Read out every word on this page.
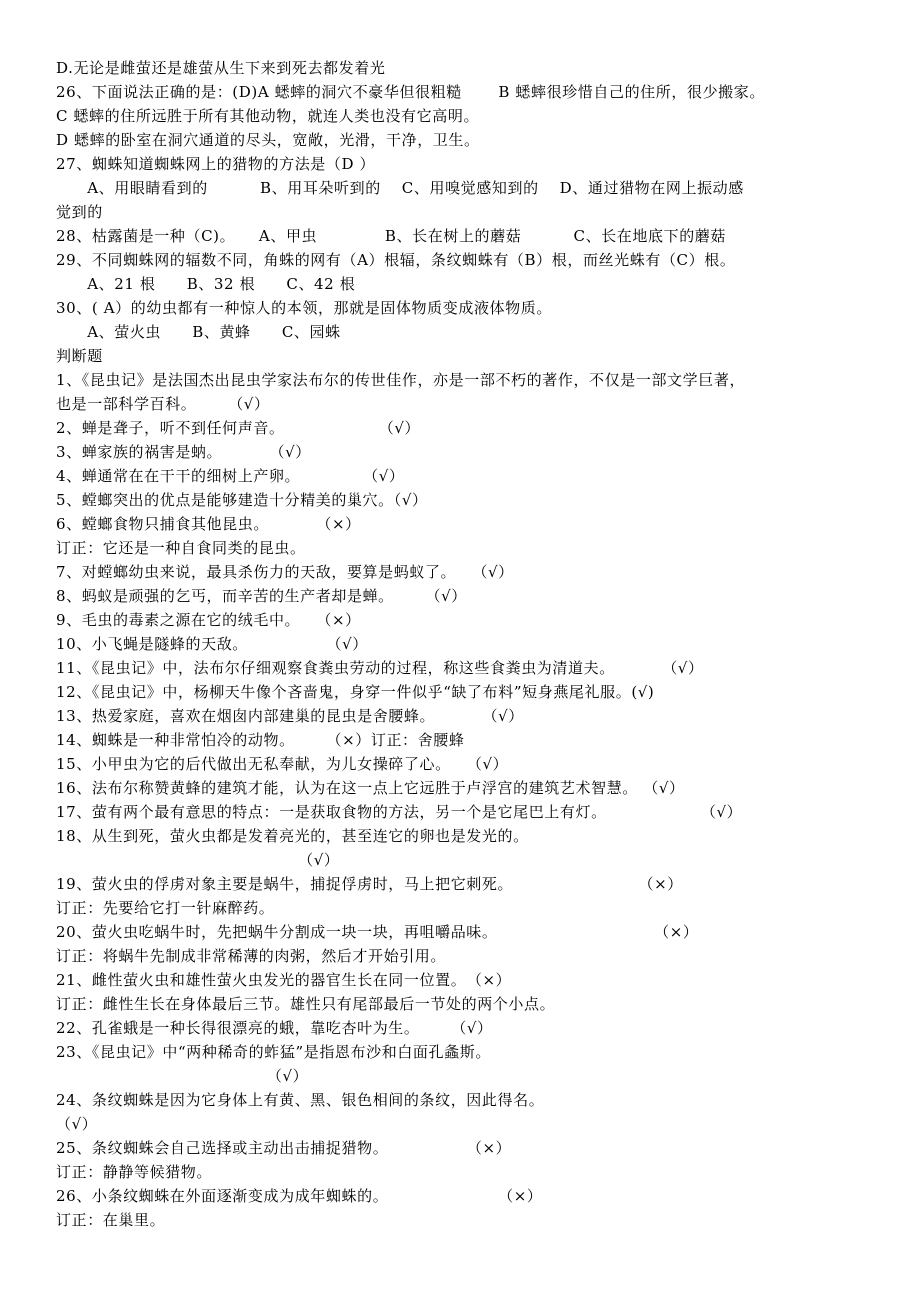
D.无论是雌萤还是雄萤从生下来到死去都发着光
26、下面说法正确的是：(D)A 蟋蟀的洞穴不豪华但很粗糙　　 B 蟋蟀很珍惜自己的住所，很少搬家。
C 蟋蟀的住所远胜于所有其他动物，就连人类也没有它高明。
D 蟋蟀的卧室在洞穴通道的尽头，宽敞，光滑，干净，卫生。
27、蜘蛛知道蜘蛛网上的猎物的方法是（D ）
　　A、用眼睛看到的　　　 B、用耳朵听到的　 C、用嗅觉感知到的　 D、通过猎物在网上振动感
觉到的
28、枯露菌是一种（C)。　　A、甲虫　　　　 B、长在树上的蘑菇　　　 C、长在地底下的蘑菇
29、不同蜘蛛网的辐数不同，角蛛的网有（A）根辐，条纹蜘蛛有（B）根，而丝光蛛有（C）根。
　　A、21 根　　B、32 根　　C、42 根
30、( A）的幼虫都有一种惊人的本领，那就是固体物质变成液体物质。
　　A、萤火虫　　B、黄蜂　　C、园蛛
判断题
1、《昆虫记》是法国杰出昆虫学家法布尔的传世佳作，亦是一部不朽的著作，不仅是一部文学巨著，
也是一部科学百科。　　　（√）
2、蝉是聋子，听不到任何声音。　　　　　　　（√）
3、蝉家族的祸害是蚋。　　　　（√）
4、蝉通常在在干干的细树上产卵。　　　　　（√）
5、螳螂突出的优点是能够建造十分精美的巢穴。（√）
6、螳螂食物只捕食其他昆虫。　　　　（×）
订正：它还是一种自食同类的昆虫。
7、对螳螂幼虫来说，最具杀伤力的天敌，要算是蚂蚁了。　　（√）
8、蚂蚁是顽强的乞丐，而辛苦的生产者却是蝉。　　　（√）
9、毛虫的毒素之源在它的绒毛中。　　（×）
10、小飞蝇是隧蜂的天敌。　　　　　　（√）
11、《昆虫记》中，法布尔仔细观察食粪虫劳动的过程，称这些食粪虫为清道夫。　　　　（√）
12、《昆虫记》中，杨柳天牛像个吝啬鬼，身穿一件似乎“缺了布料”短身燕尾礼服。(√)
13、热爱家庭，喜欢在烟囱内部建巢的昆虫是舍腰蜂。　　　　（√）
14、蜘蛛是一种非常怕冷的动物。　　　（×）订正：舍腰蜂
15、小甲虫为它的后代做出无私奉献，为儿女操碎了心。　　（√）
16、法布尔称赞黄蜂的建筑才能，认为在这一点上它远胜于卢浮宫的建筑艺术智慧。 （√）
17、萤有两个最有意思的特点：一是获取食物的方法，另一个是它尾巴上有灯。　　　　　　　（√）
18、从生到死，萤火虫都是发着亮光的，甚至连它的卵也是发光的。
　　　　　　　　　　　　　　　　（√）
19、萤火虫的俘虏对象主要是蜗牛，捕捉俘虏时，马上把它刺死。　　　　　　　　　（×）
订正：先要给它打一针麻醉药。
20、萤火虫吃蜗牛时，先把蜗牛分割成一块一块，再咀嚼品味。　　　　　　　　　　　（×）
订正：将蜗牛先制成非常稀薄的肉粥，然后才开始引用。
21、雌性萤火虫和雄性萤火虫发光的器官生长在同一位置。　（×）
订正：雌性生长在身体最后三节。雄性只有尾部最后一节处的两个小点。
22、孔雀蛾是一种长得很漂亮的蛾，靠吃杏叶为生。　　　（√）
23、《昆虫记》中“两种稀奇的蚱猛”是指恩布沙和白面孔螽斯。
　　　　　　　　　　　　　　（√）
24、条纹蜘蛛是因为它身体上有黄、黑、银色相间的条纹，因此得名。
（√）
25、条纹蜘蛛会自己选择或主动出击捕捉猎物。　　　　　　（×）
订正：静静等候猎物。
26、小条纹蜘蛛在外面逐渐变成为成年蜘蛛的。　　　　　　　　（×）
订正：在巢里。
